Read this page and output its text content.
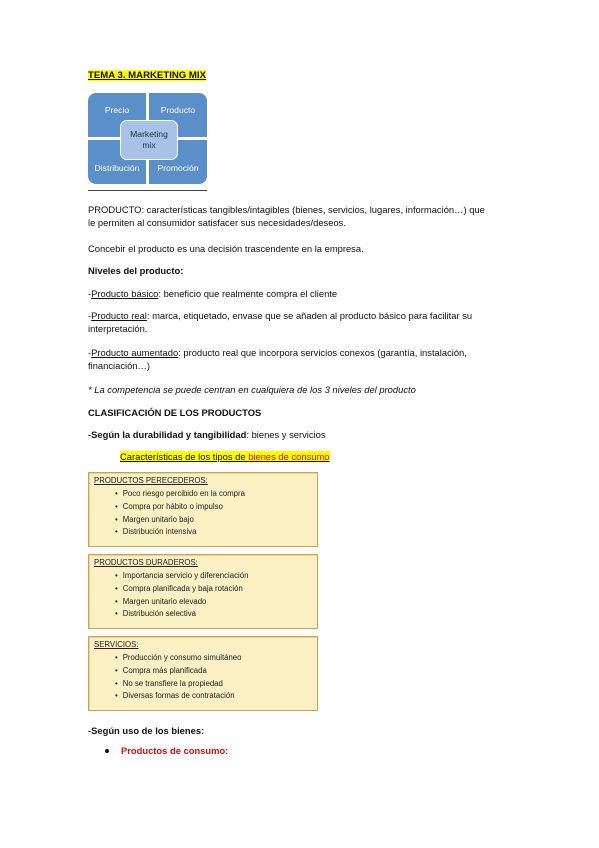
TEMA 3. MARKETING MIX
Precio	Producto
Distribución	Promoción
Marketing
mix
PRODUCTO: características tangibles/intagibles (bienes, servicios, lugares, información…) que
le permiten al consumidor satisfacer sus necesidades/deseos.
Concebir el producto es una decisión trascendente en la empresa.
Niveles del producto:
-Producto básico: beneficio que realmente compra el cliente
-Producto real: marca, etiquetado, envase que se añaden al producto básico para facilitar su
interpretación.
-Producto aumentado: producto real que incorpora servicios conexos (garantía, instalación,
financiación…)
* La competencia se puede centran en cualquiera de los 3 niveles del producto
CLASIFICACIÓN DE LOS PRODUCTOS
-Según la durabilidad y tangibilidad: bienes y servicios
Características de los tipos de bienes de consumo
PRODUCTOS PERECEDEROS:
• Poco riesgo percibido en la compra
• Compra por hábito o impulso
• Margen unitario bajo
• Distribución intensiva
PRODUCTOS DURADEROS:
• Importancia servicio y diferenciación
• Compra planificada y baja rotación
• Margen unitario elevado
• Distribución selectiva
SERVICIOS:
• Producción y consumo simultáneo
• Compra más planificada
• No se transfiere la propiedad
• Diversas formas de contratación
-Según uso de los bienes:
Productos de consumo:
